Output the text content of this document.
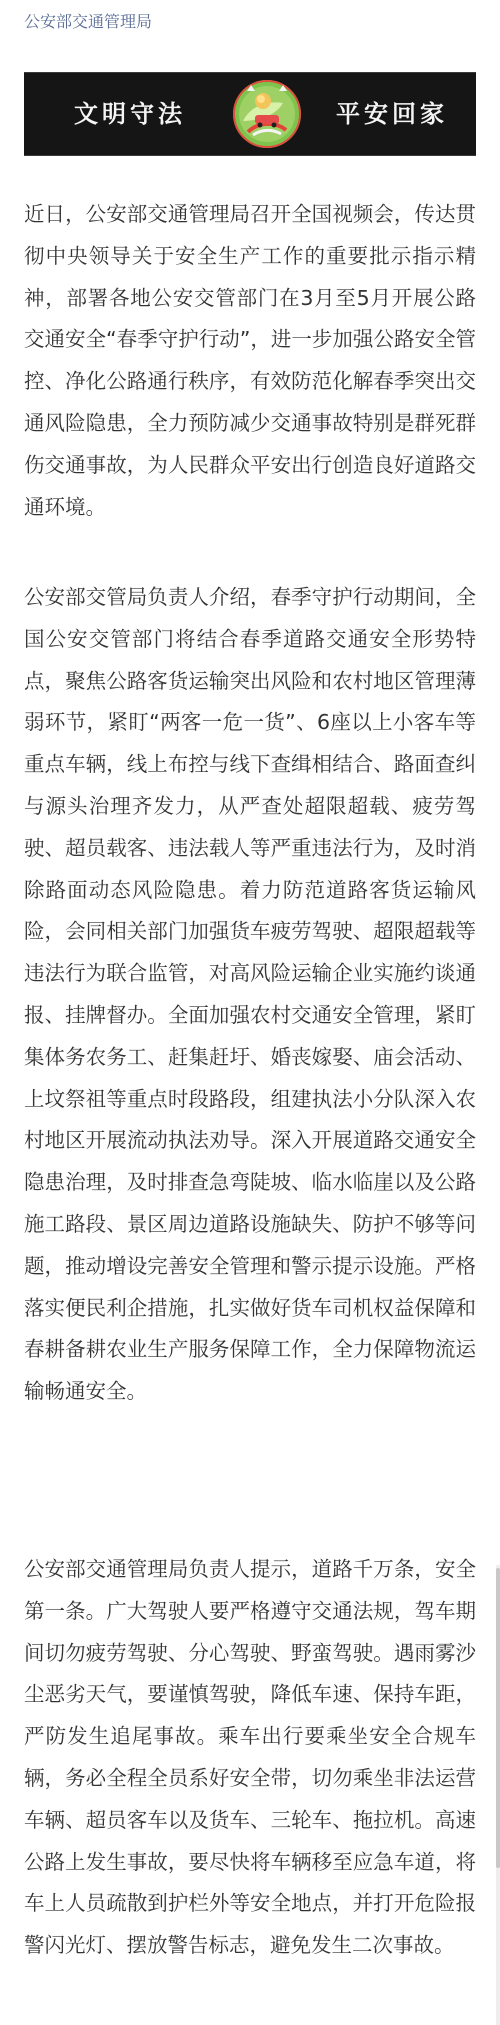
公安部交通管理局
文明守法	平安回家

近日，公安部交通管理局召开全国视频会，传达贯彻中央领导关于安全生产工作的重要批示指示精神，部署各地公安交管部门在3月至5月开展公路交通安全“春季守护行动”，进一步加强公路安全管控、净化公路通行秩序，有效防范化解春季突出交通风险隐患，全力预防减少交通事故特别是群死群伤交通事故，为人民群众平安出行创造良好道路交通环境。

公安部交管局负责人介绍，春季守护行动期间，全国公安交管部门将结合春季道路交通安全形势特点，聚焦公路客货运输突出风险和农村地区管理薄弱环节，紧盯“两客一危一货”、6座以上小客车等重点车辆，线上布控与线下查缉相结合、路面查纠与源头治理齐发力，从严查处超限超载、疲劳驾驶、超员载客、违法载人等严重违法行为，及时消除路面动态风险隐患。着力防范道路客货运输风险，会同相关部门加强货车疲劳驾驶、超限超载等违法行为联合监管，对高风险运输企业实施约谈通报、挂牌督办。全面加强农村交通安全管理，紧盯集体务农务工、赶集赶圩、婚丧嫁娶、庙会活动、上坟祭祖等重点时段路段，组建执法小分队深入农村地区开展流动执法劝导。深入开展道路交通安全隐患治理，及时排查急弯陡坡、临水临崖以及公路施工路段、景区周边道路设施缺失、防护不够等问题，推动增设完善安全管理和警示提示设施。严格落实便民利企措施，扎实做好货车司机权益保障和春耕备耕农业生产服务保障工作，全力保障物流运输畅通安全。

公安部交通管理局负责人提示，道路千万条，安全第一条。广大驾驶人要严格遵守交通法规，驾车期间切勿疲劳驾驶、分心驾驶、野蛮驾驶。遇雨雾沙尘恶劣天气，要谨慎驾驶，降低车速、保持车距，严防发生追尾事故。乘车出行要乘坐安全合规车辆，务必全程全员系好安全带，切勿乘坐非法运营车辆、超员客车以及货车、三轮车、拖拉机。高速公路上发生事故，要尽快将车辆移至应急车道，将车上人员疏散到护栏外等安全地点，并打开危险报警闪光灯、摆放警告标志，避免发生二次事故。
